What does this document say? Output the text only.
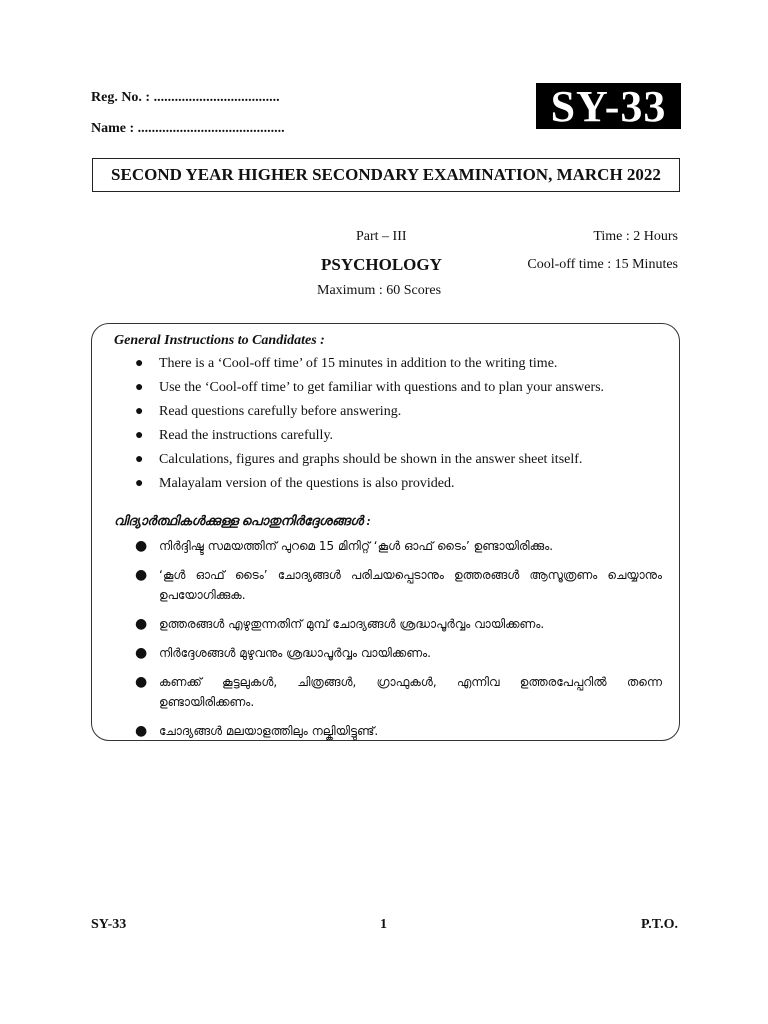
Reg. No. : ....................................
Name : ..........................................	SY-33
SECOND YEAR HIGHER SECONDARY EXAMINATION, MARCH 2022
Part – III
PSYCHOLOGY
Maximum : 60 Scores
Time : 2 Hours
Cool-off time : 15 Minutes
General Instructions to Candidates :
● There is a ‘Cool-off time’ of 15 minutes in addition to the writing time.
● Use the ‘Cool-off time’ to get familiar with questions and to plan your answers.
● Read questions carefully before answering.
● Read the instructions carefully.
● Calculations, figures and graphs should be shown in the answer sheet itself.
● Malayalam version of the questions is also provided.
വിദ്യാർത്ഥികൾക്കുള്ള പൊതുനിർദ്ദേശങ്ങൾ :
● നിർദ്ദിഷ്ട സമയത്തിന് പുറമെ 15 മിനിറ്റ് ‘കൂൾ ഓഫ് ടൈം’ ഉണ്ടായിരിക്കും.
● ‘കൂൾ ഓഫ് ടൈം’ ചോദ്യങ്ങൾ പരിചയപ്പെടാനും ഉത്തരങ്ങൾ ആസൂത്രണം ചെയ്യാനും ഉപയോഗിക്കുക.
● ഉത്തരങ്ങൾ എഴുതുന്നതിന് മുമ്പ് ചോദ്യങ്ങൾ ശ്രദ്ധാപൂർവ്വം വായിക്കണം.
● നിർദ്ദേശങ്ങൾ മുഴുവനും ശ്രദ്ധാപൂർവ്വം വായിക്കണം.
● കണക്ക് കൂട്ടലുകൾ, ചിത്രങ്ങൾ, ഗ്രാഫുകൾ, എന്നിവ ഉത്തരപേപ്പറിൽ തന്നെ ഉണ്ടായിരിക്കണം.
● ചോദ്യങ്ങൾ മലയാളത്തിലും നല്കിയിട്ടുണ്ട്.
SY-33	1	P.T.O.
